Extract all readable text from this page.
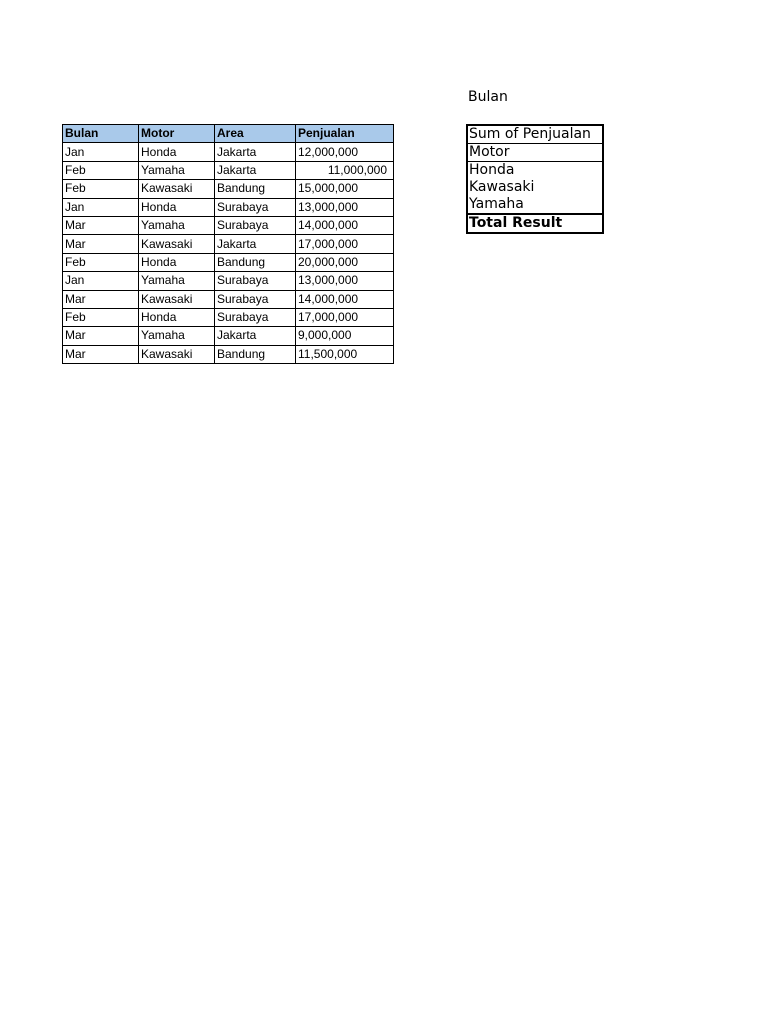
Bulan
Bulan	Motor	Area	Penjualan
Jan	Honda	Jakarta	12,000,000
Feb	Yamaha	Jakarta	11,000,000
Feb	Kawasaki	Bandung	15,000,000
Jan	Honda	Surabaya	13,000,000
Mar	Yamaha	Surabaya	14,000,000
Mar	Kawasaki	Jakarta	17,000,000
Feb	Honda	Bandung	20,000,000
Jan	Yamaha	Surabaya	13,000,000
Mar	Kawasaki	Surabaya	14,000,000
Feb	Honda	Surabaya	17,000,000
Mar	Yamaha	Jakarta	9,000,000
Mar	Kawasaki	Bandung	11,500,000
Sum of Penjualan
Motor
Honda
Kawasaki
Yamaha
Total Result
